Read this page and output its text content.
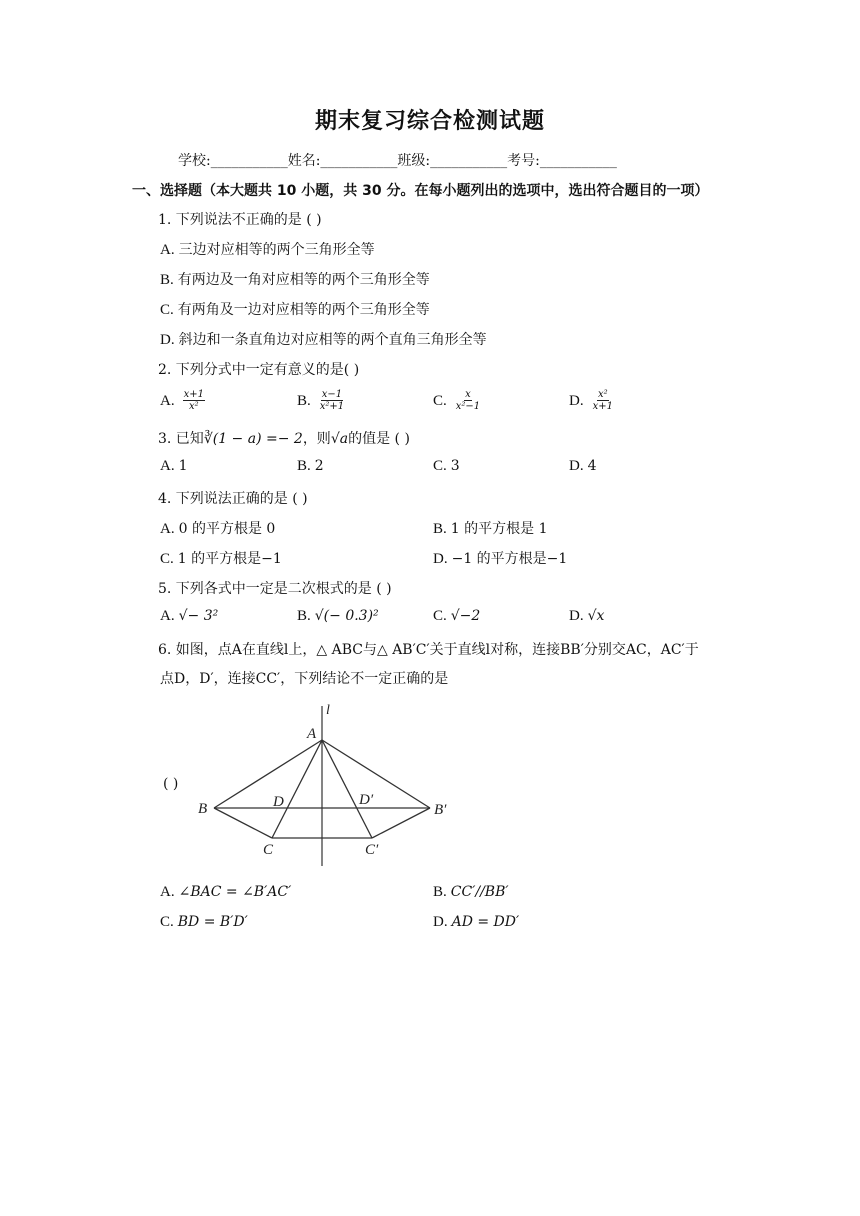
期末复习综合检测试题
学校:___________姓名:___________班级:___________考号:___________
一、选择题（本大题共 10 小题，共 30 分。在每小题列出的选项中，选出符合题目的一项）
1. 下列说法不正确的是 ( )
A. 三边对应相等的两个三角形全等
B. 有两边及一角对应相等的两个三角形全等
C. 有两角及一边对应相等的两个三角形全等
D. 斜边和一条直角边对应相等的两个直角三角形全等
2. 下列分式中一定有意义的是( )
A. $\frac{x+1}{\text{x²}}$	B. $\frac{x-1}{\text{x²+1}}$	C. $\frac{x}{\text{x²−1}}$	D. $\frac{\text{x²}}{x+1}$
3. 已知∛(1 − a) =− 2，则√a的值是 ( )
A. 1	B. 2	C. 3	D. 4
4. 下列说法正确的是 ( )
A. 0 的平方根是 0	B. 1 的平方根是 1
C. 1 的平方根是−1	D. −1 的平方根是−1
5. 下列各式中一定是二次根式的是 ( )
A. √− 3²	B. √(− 0.3)²	C. √−2	D. √x
6. 如图，点A在直线l上，△ ABC与△ AB′C′关于直线l对称，连接BB′分别交AC，AC′于
点D，D′，连接CC′，下列结论不一定正确的是
( )
l
A
B	D	D′
B′
C	C′
A. ∠BAC = ∠B′AC′	B. CC′//BB′
C. BD = B′D′	D. AD = DD′
